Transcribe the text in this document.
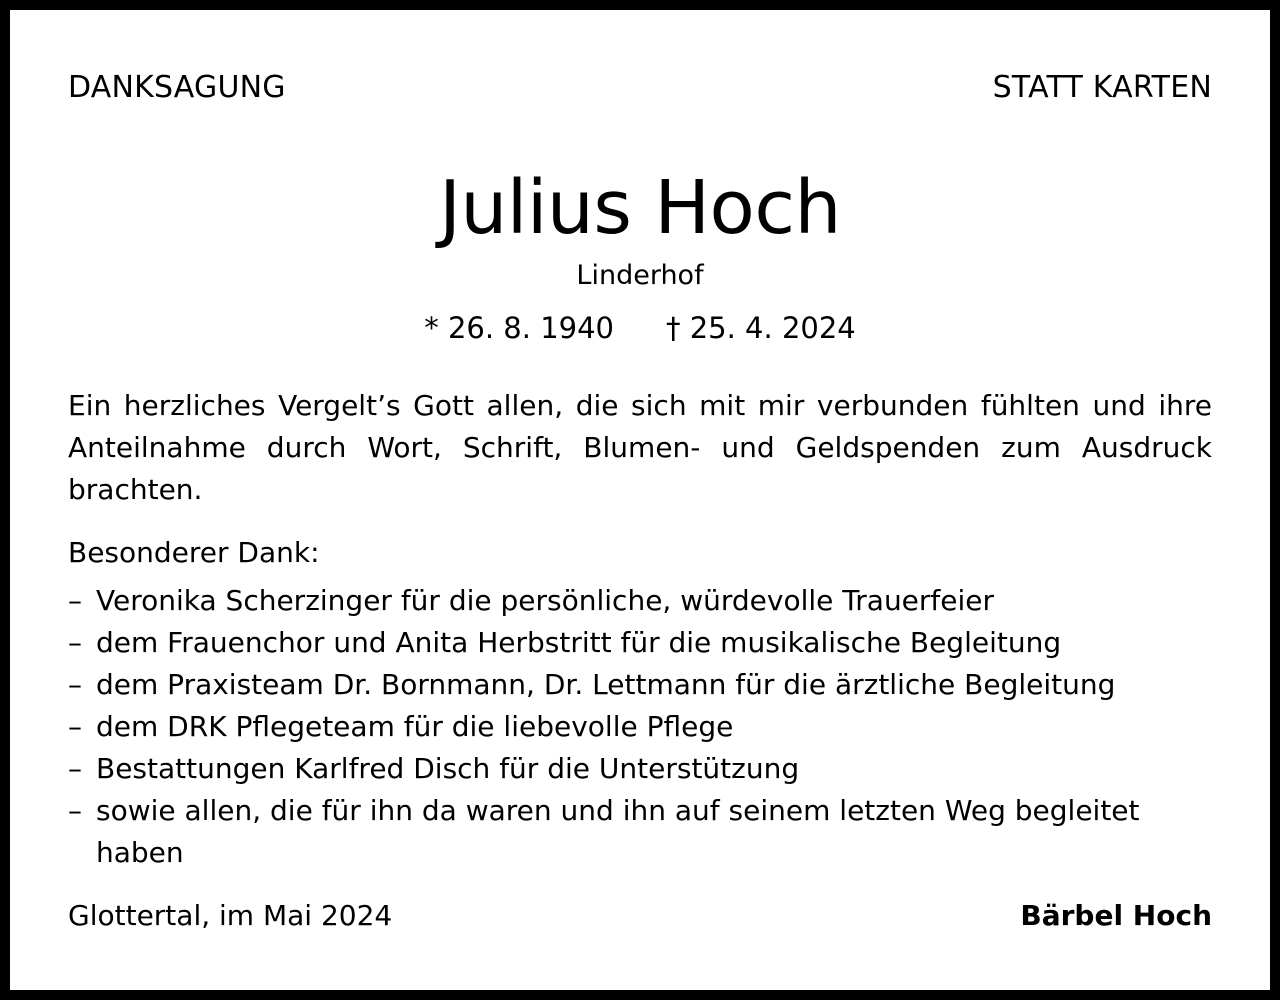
DANKSAGUNG	STATT KARTEN
Julius Hoch
Linderhof
* 26. 8. 1940 † 25. 4. 2024
Ein herzliches Vergelt’s Gott allen, die sich mit mir verbunden fühlten und ihre Anteilnahme durch Wort, Schrift, Blumen- und Geldspenden zum Ausdruck brachten.
Besonderer Dank:
– Veronika Scherzinger für die persönliche, würdevolle Trauerfeier
– dem Frauenchor und Anita Herbstritt für die musikalische Begleitung
– dem Praxisteam Dr. Bornmann, Dr. Lettmann für die ärztliche Begleitung
– dem DRK Pflegeteam für die liebevolle Pflege
– Bestattungen Karlfred Disch für die Unterstützung
– sowie allen, die für ihn da waren und ihn auf seinem letzten Weg begleitet haben
Glottertal, im Mai 2024	Bärbel Hoch
